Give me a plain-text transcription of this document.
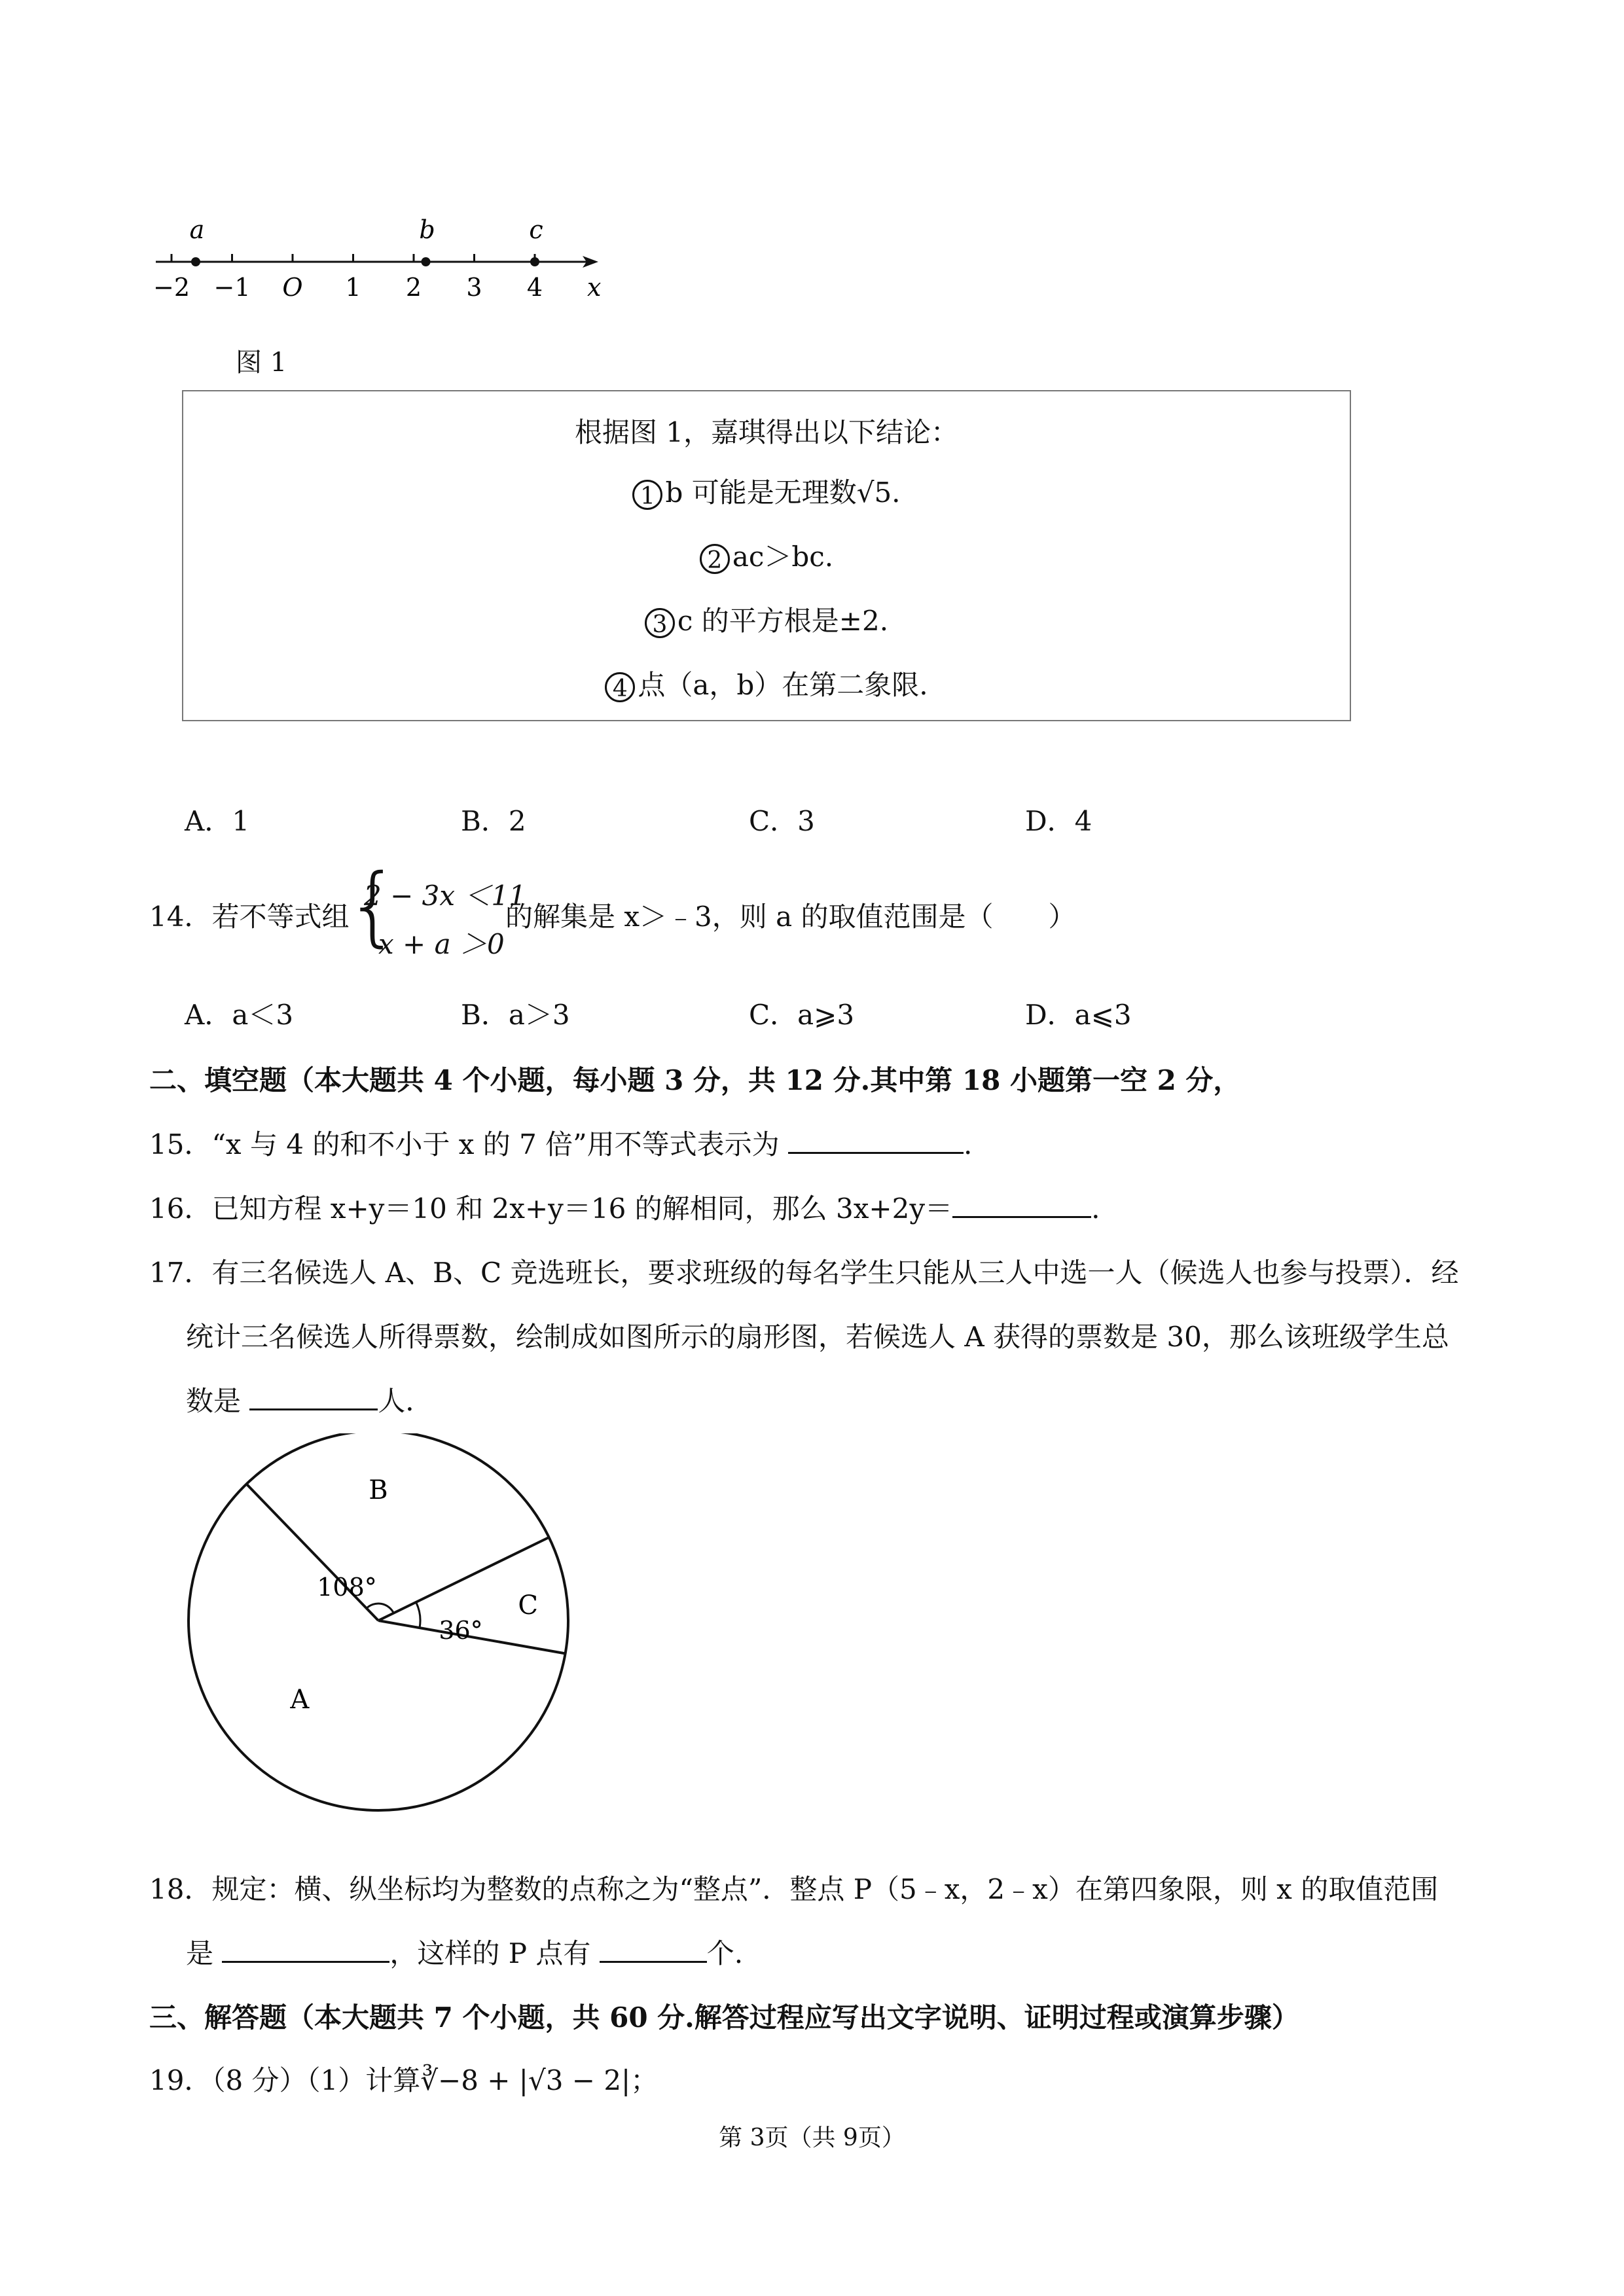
−2 −1 O 1 2 3 4
a	b	c
x
图 1
根据图 1，嘉琪得出以下结论：
1 b 可能是无理数√5.
2 ac＞bc.
3 c 的平方根是±2.
4 点（a，b）在第二象限.
A．1	B．2	C．3	D．4
14．若不等式组
{
2 − 3x ＜11
x + a ＞0
的解集是 x＞﹣3，则 a 的取值范围是（　　）
A．a＜3	B．a＞3	C．a⩾3	D．a⩽3
二、填空题（本大题共 4 个小题，每小题 3 分，共 12 分.其中第 18 小题第一空 2 分，
15．“x 与 4 的和不小于 x 的 7 倍”用不等式表示为	.
16．已知方程 x+y＝10 和 2x+y＝16 的解相同，那么 3x+2y＝	.
17．有三名候选人 A、B、C 竞选班长，要求班级的每名学生只能从三人中选一人（候选人也参与投票）．经
统计三名候选人所得票数，绘制成如图所示的扇形图，若候选人 A 获得的票数是 30，那么该班级学生总
数是	人．
A
B
C
108°
36°
18．规定：横、纵坐标均为整数的点称之为“整点”．整点 P（5﹣x，2﹣x）在第四象限，则 x 的取值范围
是	，这样的 P 点有	个.
三、解答题（本大题共 7 个小题，共 60 分.解答过程应写出文字说明、证明过程或演算步骤）
19．（8 分）（1）计算∛−8 + |√3 − 2|；
第 3页（共 9页）
